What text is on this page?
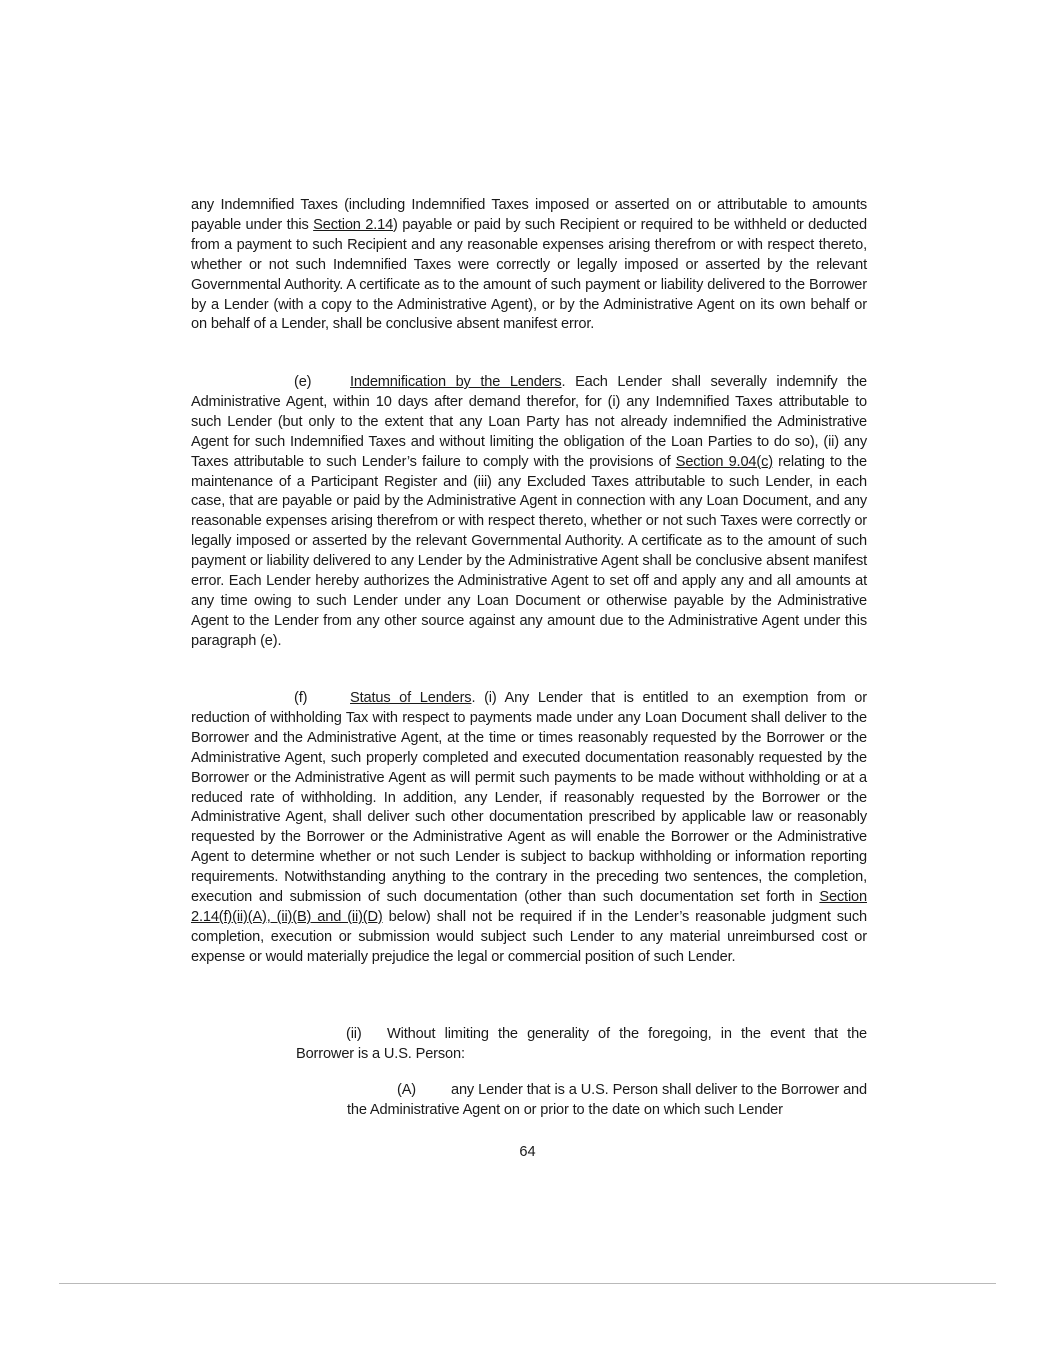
any Indemnified Taxes (including Indemnified Taxes imposed or asserted on or attributable to amounts payable under this Section 2.14) payable or paid by such Recipient or required to be withheld or deducted from a payment to such Recipient and any reasonable expenses arising therefrom or with respect thereto, whether or not such Indemnified Taxes were correctly or legally imposed or asserted by the relevant Governmental Authority. A certificate as to the amount of such payment or liability delivered to the Borrower by a Lender (with a copy to the Administrative Agent), or by the Administrative Agent on its own behalf or on behalf of a Lender, shall be conclusive absent manifest error.

(e)	Indemnification by the Lenders. Each Lender shall severally indemnify the Administrative Agent, within 10 days after demand therefor, for (i) any Indemnified Taxes attributable to such Lender (but only to the extent that any Loan Party has not already indemnified the Administrative Agent for such Indemnified Taxes and without limiting the obligation of the Loan Parties to do so), (ii) any Taxes attributable to such Lender’s failure to comply with the provisions of Section 9.04(c) relating to the maintenance of a Participant Register and (iii) any Excluded Taxes attributable to such Lender, in each case, that are payable or paid by the Administrative Agent in connection with any Loan Document, and any reasonable expenses arising therefrom or with respect thereto, whether or not such Taxes were correctly or legally imposed or asserted by the relevant Governmental Authority. A certificate as to the amount of such payment or liability delivered to any Lender by the Administrative Agent shall be conclusive absent manifest error. Each Lender hereby authorizes the Administrative Agent to set off and apply any and all amounts at any time owing to such Lender under any Loan Document or otherwise payable by the Administrative Agent to the Lender from any other source against any amount due to the Administrative Agent under this paragraph (e).

(f)	Status of Lenders. (i) Any Lender that is entitled to an exemption from or reduction of withholding Tax with respect to payments made under any Loan Document shall deliver to the Borrower and the Administrative Agent, at the time or times reasonably requested by the Borrower or the Administrative Agent, such properly completed and executed documentation reasonably requested by the Borrower or the Administrative Agent as will permit such payments to be made without withholding or at a reduced rate of withholding. In addition, any Lender, if reasonably requested by the Borrower or the Administrative Agent, shall deliver such other documentation prescribed by applicable law or reasonably requested by the Borrower or the Administrative Agent as will enable the Borrower or the Administrative Agent to determine whether or not such Lender is subject to backup withholding or information reporting requirements. Notwithstanding anything to the contrary in the preceding two sentences, the completion, execution and submission of such documentation (other than such documentation set forth in Section 2.14(f)(ii)(A), (ii)(B) and (ii)(D) below) shall not be required if in the Lender’s reasonable judgment such completion, execution or submission would subject such Lender to any material unreimbursed cost or expense or would materially prejudice the legal or commercial position of such Lender.

(ii) Without limiting the generality of the foregoing, in the event that the Borrower is a U.S. Person:

(A) any Lender that is a U.S. Person shall deliver to the Borrower and the Administrative Agent on or prior to the date on which such Lender

64
